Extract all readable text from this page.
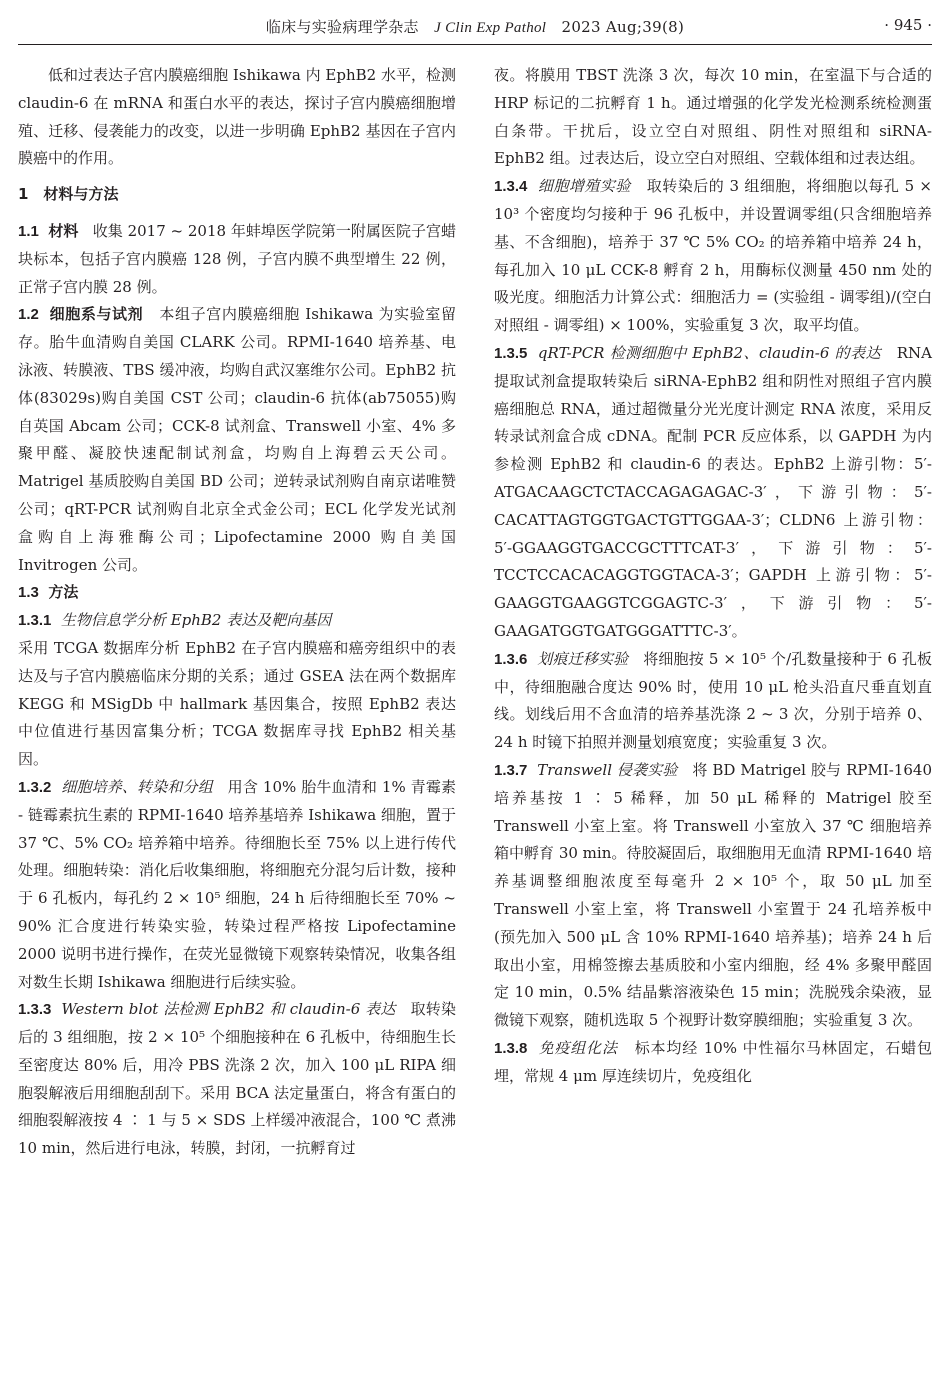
临床与实验病理学杂志 J Clin Exp Pathol 2023 Aug;39(8)	· 945 ·

低和过表达子宫内膜癌细胞 Ishikawa 内 EphB2 水平，检测 claudin-6 在 mRNA 和蛋白水平的表达，探讨子宫内膜癌细胞增殖、迁移、侵袭能力的改变，以进一步明确 EphB2 基因在子宫内膜癌中的作用。

1　材料与方法

1.1 材料 收集 2017 ~ 2018 年蚌埠医学院第一附属医院子宫蜡块标本，包括子宫内膜癌 128 例，子宫内膜不典型增生 22 例，正常子宫内膜 28 例。

1.2 细胞系与试剂 本组子宫内膜癌细胞 Ishikawa 为实验室留存。胎牛血清购自美国 CLARK 公司。RPMI-1640 培养基、电泳液、转膜液、TBS 缓冲液，均购自武汉塞维尔公司。EphB2 抗体(83029s)购自美国 CST 公司；claudin-6 抗体(ab75055)购自英国 Abcam 公司；CCK-8 试剂盒、Transwell 小室、4% 多聚甲醛、凝胶快速配制试剂盒，均购自上海碧云天公司。Matrigel 基质胶购自美国 BD 公司；逆转录试剂购自南京诺唯赞公司；qRT-PCR 试剂购自北京全式金公司；ECL 化学发光试剂盒购自上海雅酶公司；Lipofectamine 2000 购自美国 Invitrogen 公司。

1.3 方法

1.3.1 生物信息学分析 EphB2 表达及靶向基因
采用 TCGA 数据库分析 EphB2 在子宫内膜癌和癌旁组织中的表达及与子宫内膜癌临床分期的关系；通过 GSEA 法在两个数据库 KEGG 和 MSigDb 中 hallmark 基因集合，按照 EphB2 表达中位值进行基因富集分析；TCGA 数据库寻找 EphB2 相关基因。

1.3.2 细胞培养、转染和分组 用含 10% 胎牛血清和 1% 青霉素 - 链霉素抗生素的 RPMI-1640 培养基培养 Ishikawa 细胞，置于 37 ℃、5% CO₂ 培养箱中培养。待细胞长至 75% 以上进行传代处理。细胞转染：消化后收集细胞，将细胞充分混匀后计数，接种于 6 孔板内，每孔约 2 × 10⁵ 细胞，24 h 后待细胞长至 70% ~ 90% 汇合度进行转染实验，转染过程严格按 Lipofectamine 2000 说明书进行操作，在荧光显微镜下观察转染情况，收集各组对数生长期 Ishikawa 细胞进行后续实验。

1.3.3 Western blot 法检测 EphB2 和 claudin-6 表达 取转染后的 3 组细胞，按 2 × 10⁵ 个细胞接种在 6 孔板中，待细胞生长至密度达 80% 后，用冷 PBS 洗涤 2 次，加入 100 μL RIPA 细胞裂解液后用细胞刮刮下。采用 BCA 法定量蛋白，将含有蛋白的细胞裂解液按 4 ∶ 1 与 5 × SDS 上样缓冲液混合，100 ℃ 煮沸 10 min，然后进行电泳，转膜，封闭，一抗孵育过

夜。将膜用 TBST 洗涤 3 次，每次 10 min，在室温下与合适的 HRP 标记的二抗孵育 1 h。通过增强的化学发光检测系统检测蛋白条带。干扰后，设立空白对照组、阴性对照组和 siRNA-EphB2 组。过表达后，设立空白对照组、空载体组和过表达组。

1.3.4 细胞增殖实验 取转染后的 3 组细胞，将细胞以每孔 5 × 10³ 个密度均匀接种于 96 孔板中，并设置调零组(只含细胞培养基、不含细胞)，培养于 37 ℃ 5% CO₂ 的培养箱中培养 24 h，每孔加入 10 μL CCK-8 孵育 2 h，用酶标仪测量 450 nm 处的吸光度。细胞活力计算公式：细胞活力 = (实验组 - 调零组)/(空白对照组 - 调零组) × 100%，实验重复 3 次，取平均值。

1.3.5 qRT-PCR 检测细胞中 EphB2、claudin-6 的表达 RNA 提取试剂盒提取转染后 siRNA-EphB2 组和阴性对照组子宫内膜癌细胞总 RNA，通过超微量分光光度计测定 RNA 浓度，采用反转录试剂盒合成 cDNA。配制 PCR 反应体系，以 GAPDH 为内参检测 EphB2 和 claudin-6 的表达。EphB2 上游引物：5′-ATGACAAGCTCTACCAGAGAGAC-3′，下游引物：5′-CACATTAGTGGTGACTGTTGGAA-3′；CLDN6 上游引物：5′-GGAAGGTGACCGCTTTCAT-3′，下游引物：5′-TCCTCCACACAGGTGGTACA-3′；GAPDH 上游引物：5′-GAAGGTGAAGGTCGGAGTC-3′，下游引物：5′-GAAGATGGTGATGGGATTTC-3′。

1.3.6 划痕迁移实验 将细胞按 5 × 10⁵ 个/孔数量接种于 6 孔板中，待细胞融合度达 90% 时，使用 10 μL 枪头沿直尺垂直划直线。划线后用不含血清的培养基洗涤 2 ~ 3 次，分别于培养 0、24 h 时镜下拍照并测量划痕宽度；实验重复 3 次。

1.3.7 Transwell 侵袭实验 将 BD Matrigel 胶与 RPMI-1640 培养基按 1 ∶ 5 稀释，加 50 μL 稀释的 Matrigel 胶至 Transwell 小室上室。将 Transwell 小室放入 37 ℃ 细胞培养箱中孵育 30 min。待胶凝固后，取细胞用无血清 RPMI-1640 培养基调整细胞浓度至每毫升 2 × 10⁵ 个，取 50 μL 加至 Transwell 小室上室，将 Transwell 小室置于 24 孔培养板中(预先加入 500 μL 含 10% RPMI-1640 培养基)；培养 24 h 后取出小室，用棉签擦去基质胶和小室内细胞，经 4% 多聚甲醛固定 10 min，0.5% 结晶紫溶液染色 15 min；洗脱残余染液，显微镜下观察，随机选取 5 个视野计数穿膜细胞；实验重复 3 次。

1.3.8 免疫组化法 标本均经 10% 中性福尔马林固定，石蜡包埋，常规 4 μm 厚连续切片，免疫组化
